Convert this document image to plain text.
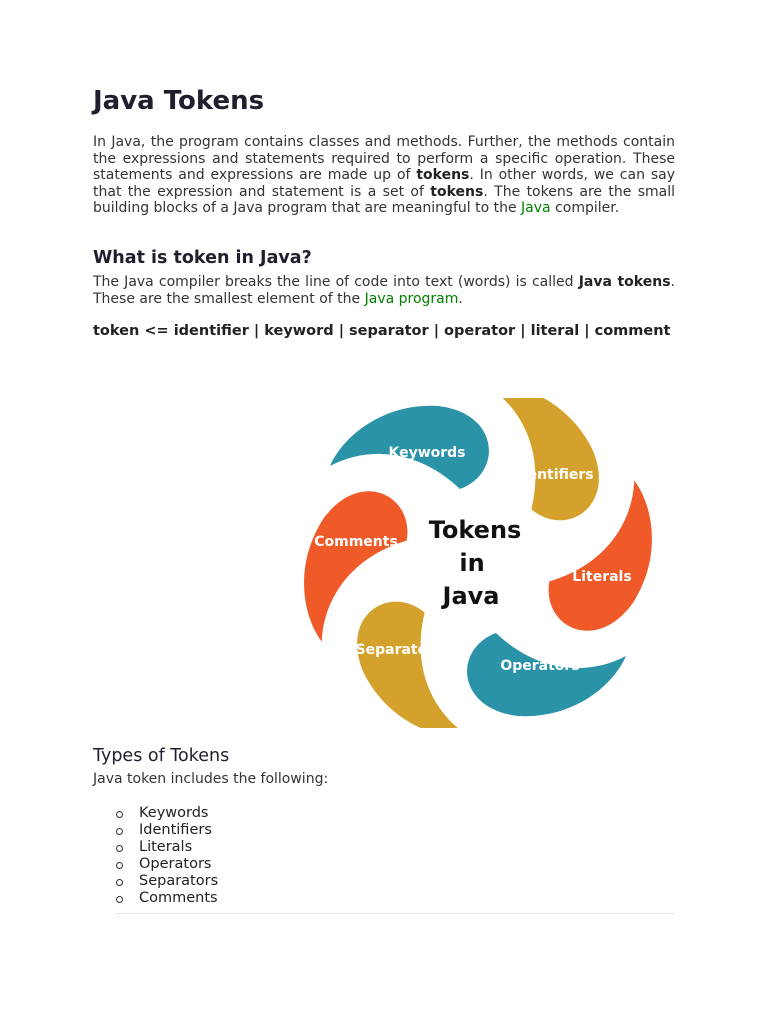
Java Tokens

In Java, the program contains classes and methods. Further, the methods contain the expressions and statements required to perform a specific operation. These statements and expressions are made up of tokens. In other words, we can say that the expression and statement is a set of tokens. The tokens are the small building blocks of a Java program that are meaningful to the Java compiler.

What is token in Java?

The Java compiler breaks the line of code into text (words) is called Java tokens. These are the smallest element of the Java program.

token <= identifier | keyword | separator | operator | literal | comment

Keywords
Identifiers
Literals
Operators
Separators
Comments Tokens
in
Java
Types of Tokens

Java token includes the following:

Keywords
Identifiers
Literals
Operators
Separators
Comments
